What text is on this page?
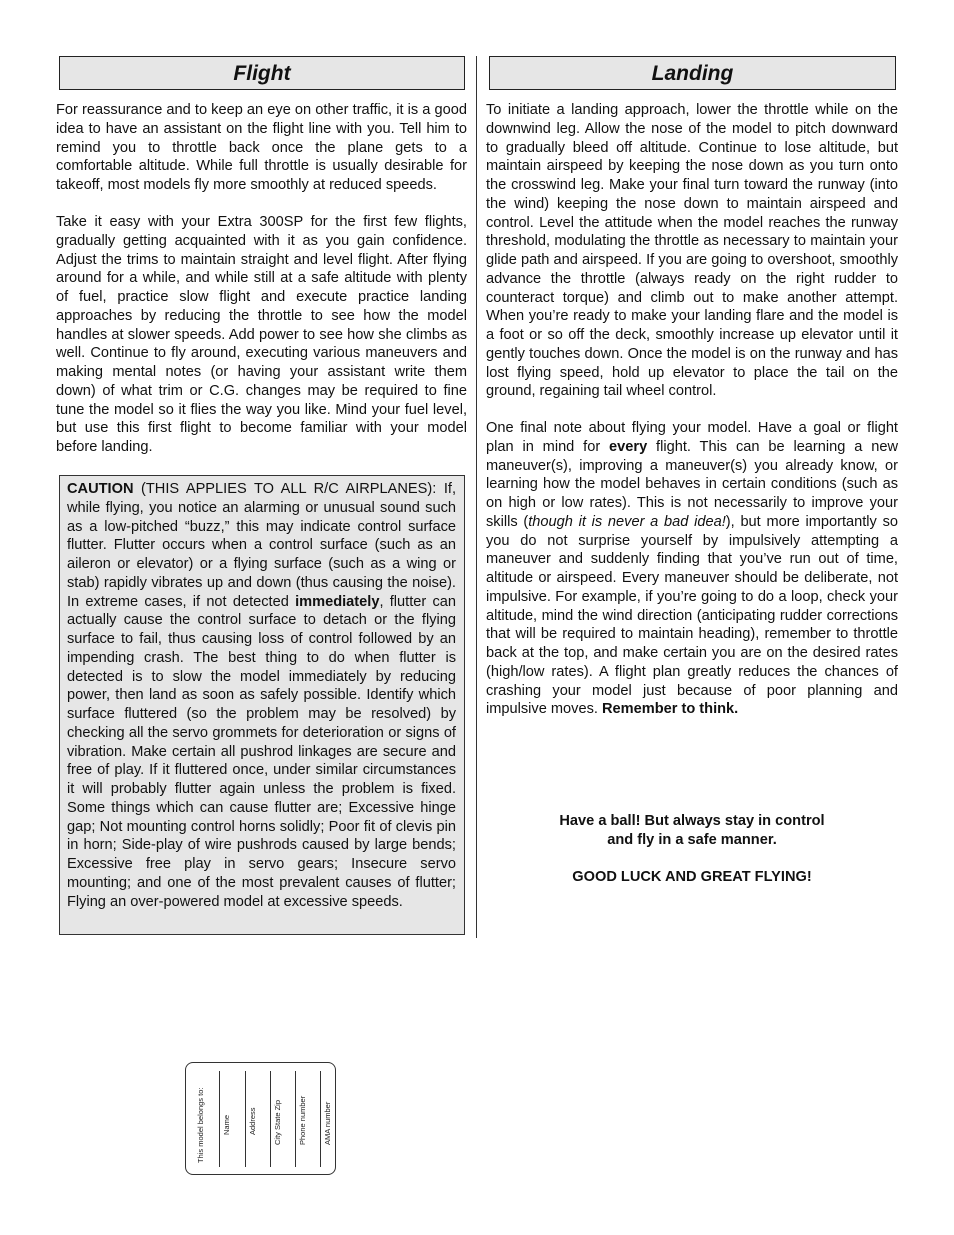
Flight	Landing

For reassurance and to keep an eye on other traffic, it is a good idea to have an assistant on the flight line with you. Tell him to remind you to throttle back once the plane gets to a comfortable altitude. While full throttle is usually desirable for takeoff, most models fly more smoothly at reduced speeds.

Take it easy with your Extra 300SP for the first few flights, gradually getting acquainted with it as you gain confidence. Adjust the trims to maintain straight and level flight. After flying around for a while, and while still at a safe altitude with plenty of fuel, practice slow flight and execute practice landing approaches by reducing the throttle to see how the model handles at slower speeds. Add power to see how she climbs as well. Continue to fly around, executing various maneuvers and making mental notes (or having your assistant write them down) of what trim or C.G. changes may be required to fine tune the model so it flies the way you like. Mind your fuel level, but use this first flight to become familiar with your model before landing.

CAUTION (THIS APPLIES TO ALL R/C AIRPLANES): If, while flying, you notice an alarming or unusual sound such as a low-pitched “buzz,” this may indicate control surface flutter. Flutter occurs when a control surface (such as an aileron or elevator) or a flying surface (such as a wing or stab) rapidly vibrates up and down (thus causing the noise). In extreme cases, if not detected immediately, flutter can actually cause the control surface to detach or the flying surface to fail, thus causing loss of control followed by an impending crash. The best thing to do when flutter is detected is to slow the model immediately by reducing power, then land as soon as safely possible. Identify which surface fluttered (so the problem may be resolved) by checking all the servo grommets for deterioration or signs of vibration. Make certain all pushrod linkages are secure and free of play. If it fluttered once, under similar circumstances it will probably flutter again unless the problem is fixed. Some things which can cause flutter are; Excessive hinge gap; Not mounting control horns solidly; Poor fit of clevis pin in horn; Side-play of wire pushrods caused by large bends; Excessive free play in servo gears; Insecure servo mounting; and one of the most prevalent causes of flutter; Flying an over-powered model at excessive speeds.

To initiate a landing approach, lower the throttle while on the downwind leg. Allow the nose of the model to pitch downward to gradually bleed off altitude. Continue to lose altitude, but maintain airspeed by keeping the nose down as you turn onto the crosswind leg. Make your final turn toward the runway (into the wind) keeping the nose down to maintain airspeed and control. Level the attitude when the model reaches the runway threshold, modulating the throttle as necessary to maintain your glide path and airspeed. If you are going to overshoot, smoothly advance the throttle (always ready on the right rudder to counteract torque) and climb out to make another attempt. When you’re ready to make your landing flare and the model is a foot or so off the deck, smoothly increase up elevator until it gently touches down. Once the model is on the runway and has lost flying speed, hold up elevator to place the tail on the ground, regaining tail wheel control.

One final note about flying your model. Have a goal or flight plan in mind for every flight. This can be learning a new maneuver(s), improving a maneuver(s) you already know, or learning how the model behaves in certain conditions (such as on high or low rates). This is not necessarily to improve your skills (though it is never a bad idea!), but more importantly so you do not surprise yourself by impulsively attempting a maneuver and suddenly finding that you’ve run out of time, altitude or airspeed. Every maneuver should be deliberate, not impulsive. For example, if you’re going to do a loop, check your altitude, mind the wind direction (anticipating rudder corrections that will be required to maintain heading), remember to throttle back at the top, and make certain you are on the desired rates (high/low rates). A flight plan greatly reduces the chances of crashing your model just because of poor planning and impulsive moves. Remember to think.

Have a ball! But always stay in control
and fly in a safe manner.
GOOD LUCK AND GREAT FLYING!
This model belongs to: Name Address City State Zip Phone number AMA number
